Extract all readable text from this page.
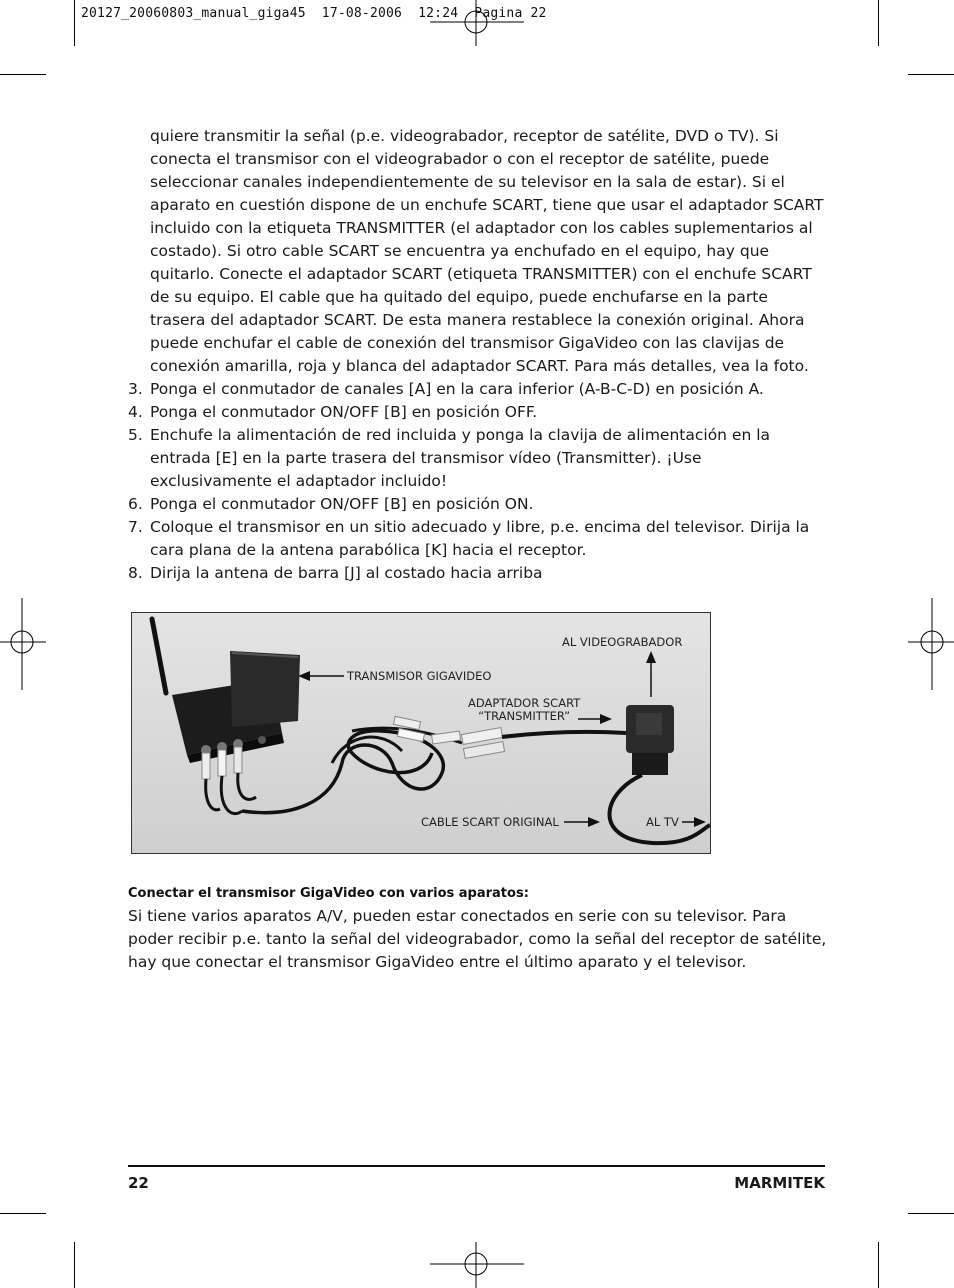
20127_20060803_manual_giga45  17-08-2006  12:24  Pagina 22
quiere transmitir la señal (p.e. videograbador, receptor de satélite, DVD o TV). Si conecta el transmisor con el videograbador o con el receptor de satélite, puede seleccionar canales independientemente de su televisor en la sala de estar). Si el aparato en cuestión dispone de un enchufe SCART, tiene que usar el adaptador SCART incluido con la etiqueta TRANSMITTER (el adaptador con los cables suplementarios al costado). Si otro cable SCART se encuentra ya enchufado en el equipo, hay que quitarlo. Conecte el adaptador SCART (etiqueta TRANSMITTER) con el enchufe SCART de su equipo. El cable que ha quitado del equipo, puede enchufarse en la parte trasera del adaptador SCART. De esta manera restablece la conexión original. Ahora puede enchufar el cable de conexión del transmisor GigaVideo con las clavijas de conexión amarilla, roja y blanca del adaptador SCART. Para más detalles, vea la foto.
3. Ponga el conmutador de canales [A] en la cara inferior (A-B-C-D) en posición A.
4. Ponga el conmutador ON/OFF [B] en posición OFF.
5. Enchufe la alimentación de red incluida y ponga la clavija de alimentación en la entrada [E] en la parte trasera del transmisor vídeo (Transmitter). ¡Use exclusivamente el adaptador incluido!
6. Ponga el conmutador ON/OFF [B] en posición ON.
7. Coloque el transmisor en un sitio adecuado y libre, p.e. encima del televisor. Dirija la cara plana de la antena parabólica [K] hacia el receptor.
8. Dirija la antena de barra [J] al costado hacia arriba
TRANSMISOR GIGAVIDEO
AL VIDEOGRABADOR
ADAPTADOR SCART
“TRANSMITTER”
CABLE SCART ORIGINAL	AL TV
Conectar el transmisor GigaVideo con varios aparatos:
Si tiene varios aparatos A/V, pueden estar conectados en serie con su televisor. Para poder recibir p.e. tanto la señal del videograbador, como la señal del receptor de satélite, hay que conectar el transmisor GigaVideo entre el último aparato y el televisor.
22	MARMITEK
